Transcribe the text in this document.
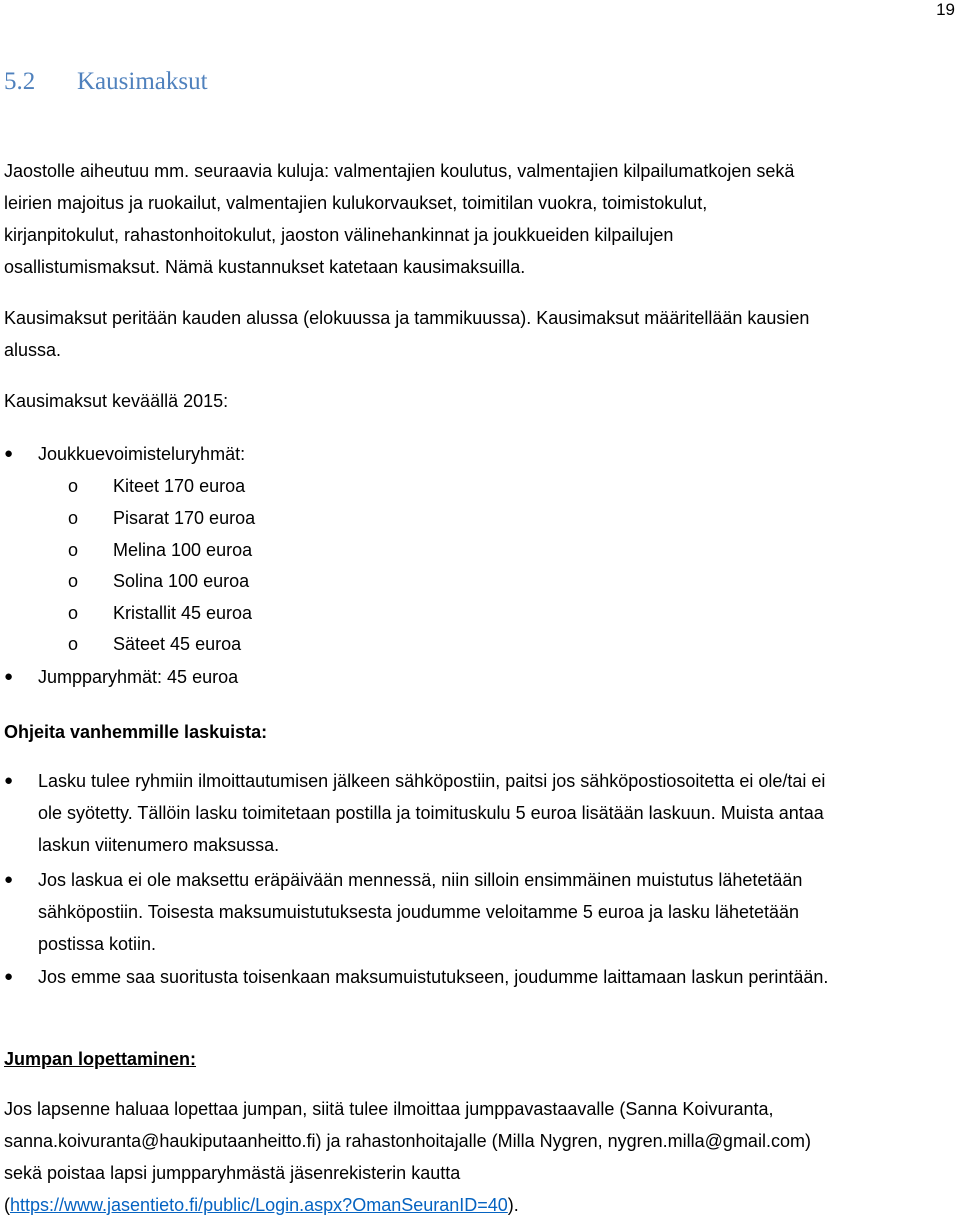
19
5.2 Kausimaksut
Jaostolle aiheutuu mm. seuraavia kuluja: valmentajien koulutus, valmentajien kilpailumatkojen sekä
leirien majoitus ja ruokailut, valmentajien kulukorvaukset, toimitilan vuokra, toimistokulut,
kirjanpitokulut, rahastonhoitokulut, jaoston välinehankinnat ja joukkueiden kilpailujen
osallistumismaksut. Nämä kustannukset katetaan kausimaksuilla.
Kausimaksut peritään kauden alussa (elokuussa ja tammikuussa). Kausimaksut määritellään kausien
alussa.
Kausimaksut keväällä 2015:
● Joukkuevoimisteluryhmät:
o Kiteet 170 euroa
o Pisarat 170 euroa
o Melina 100 euroa
o Solina 100 euroa
o Kristallit 45 euroa
o Säteet 45 euroa
● Jumpparyhmät: 45 euroa
Ohjeita vanhemmille laskuista:
● Lasku tulee ryhmiin ilmoittautumisen jälkeen sähköpostiin, paitsi jos sähköpostiosoitetta ei ole/tai ei
ole syötetty. Tällöin lasku toimitetaan postilla ja toimituskulu 5 euroa lisätään laskuun. Muista antaa
laskun viitenumero maksussa.
● Jos laskua ei ole maksettu eräpäivään mennessä, niin silloin ensimmäinen muistutus lähetetään
sähköpostiin. Toisesta maksumuistutuksesta joudumme veloitamme 5 euroa ja lasku lähetetään
postissa kotiin.
● Jos emme saa suoritusta toisenkaan maksumuistutukseen, joudumme laittamaan laskun perintään.
Jumpan lopettaminen:
Jos lapsenne haluaa lopettaa jumpan, siitä tulee ilmoittaa jumppavastaavalle (Sanna Koivuranta,
sanna.koivuranta@haukiputaanheitto.fi) ja rahastonhoitajalle (Milla Nygren, nygren.milla@gmail.com)
sekä poistaa lapsi jumpparyhmästä jäsenrekisterin kautta
(https://www.jasentieto.fi/public/Login.aspx?OmanSeuranID=40).
